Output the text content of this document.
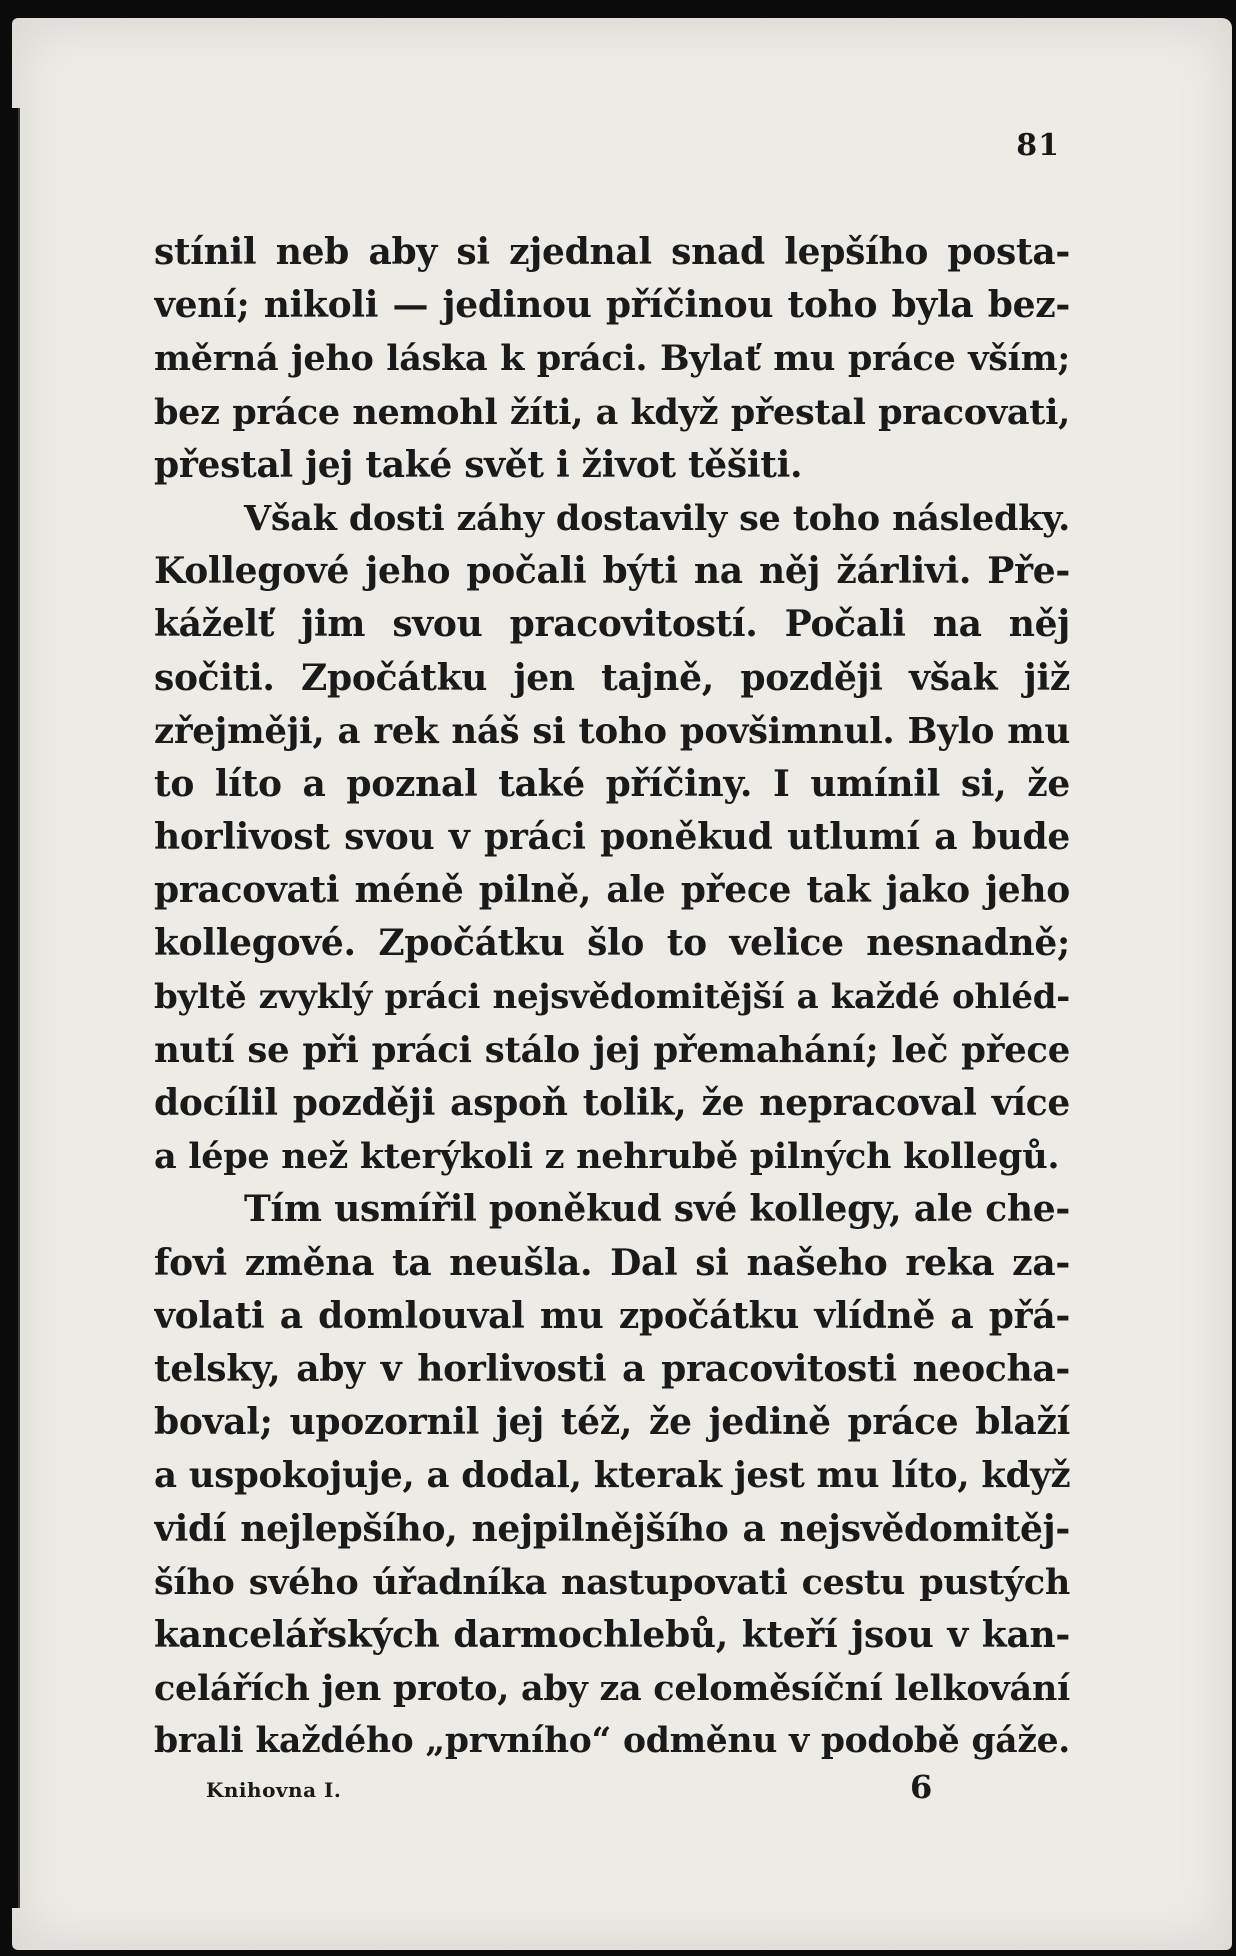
81
stínil neb aby si zjednal snad lepšího posta-
vení; nikoli — jedinou příčinou toho byla bez-
měrná jeho láska k práci. Bylať mu práce vším;
bez práce nemohl žíti, a když přestal pracovati,
přestal jej také svět i život těšiti.
Však dosti záhy dostavily se toho následky.
Kollegové jeho počali býti na něj žárlivi. Pře-
káželť jim svou pracovitostí. Počali na něj
sočiti. Zpočátku jen tajně, později však již
zřejměji, a rek náš si toho povšimnul. Bylo mu
to líto a poznal také příčiny. I umínil si, že
horlivost svou v práci poněkud utlumí a bude
pracovati méně pilně, ale přece tak jako jeho
kollegové. Zpočátku šlo to velice nesnadně;
byltě zvyklý práci nejsvědomitější a každé ohléd-
nutí se při práci stálo jej přemahání; leč přece
docílil později aspoň tolik, že nepracoval více
a lépe než kterýkoli z nehrubě pilných kollegů.
Tím usmířil poněkud své kollegy, ale che-
fovi změna ta neušla. Dal si našeho reka za-
volati a domlouval mu zpočátku vlídně a přá-
telsky, aby v horlivosti a pracovitosti neocha-
boval; upozornil jej též, že jedině práce blaží
a uspokojuje, a dodal, kterak jest mu líto, když
vidí nejlepšího, nejpilnějšího a nejsvědomitěj-
šího svého úřadníka nastupovati cestu pustých
kancelářských darmochlebů, kteří jsou v kan-
celářích jen proto, aby za celoměsíční lelkování
brali každého „prvního“ odměnu v podobě gáže.
Knihovna I.	6
